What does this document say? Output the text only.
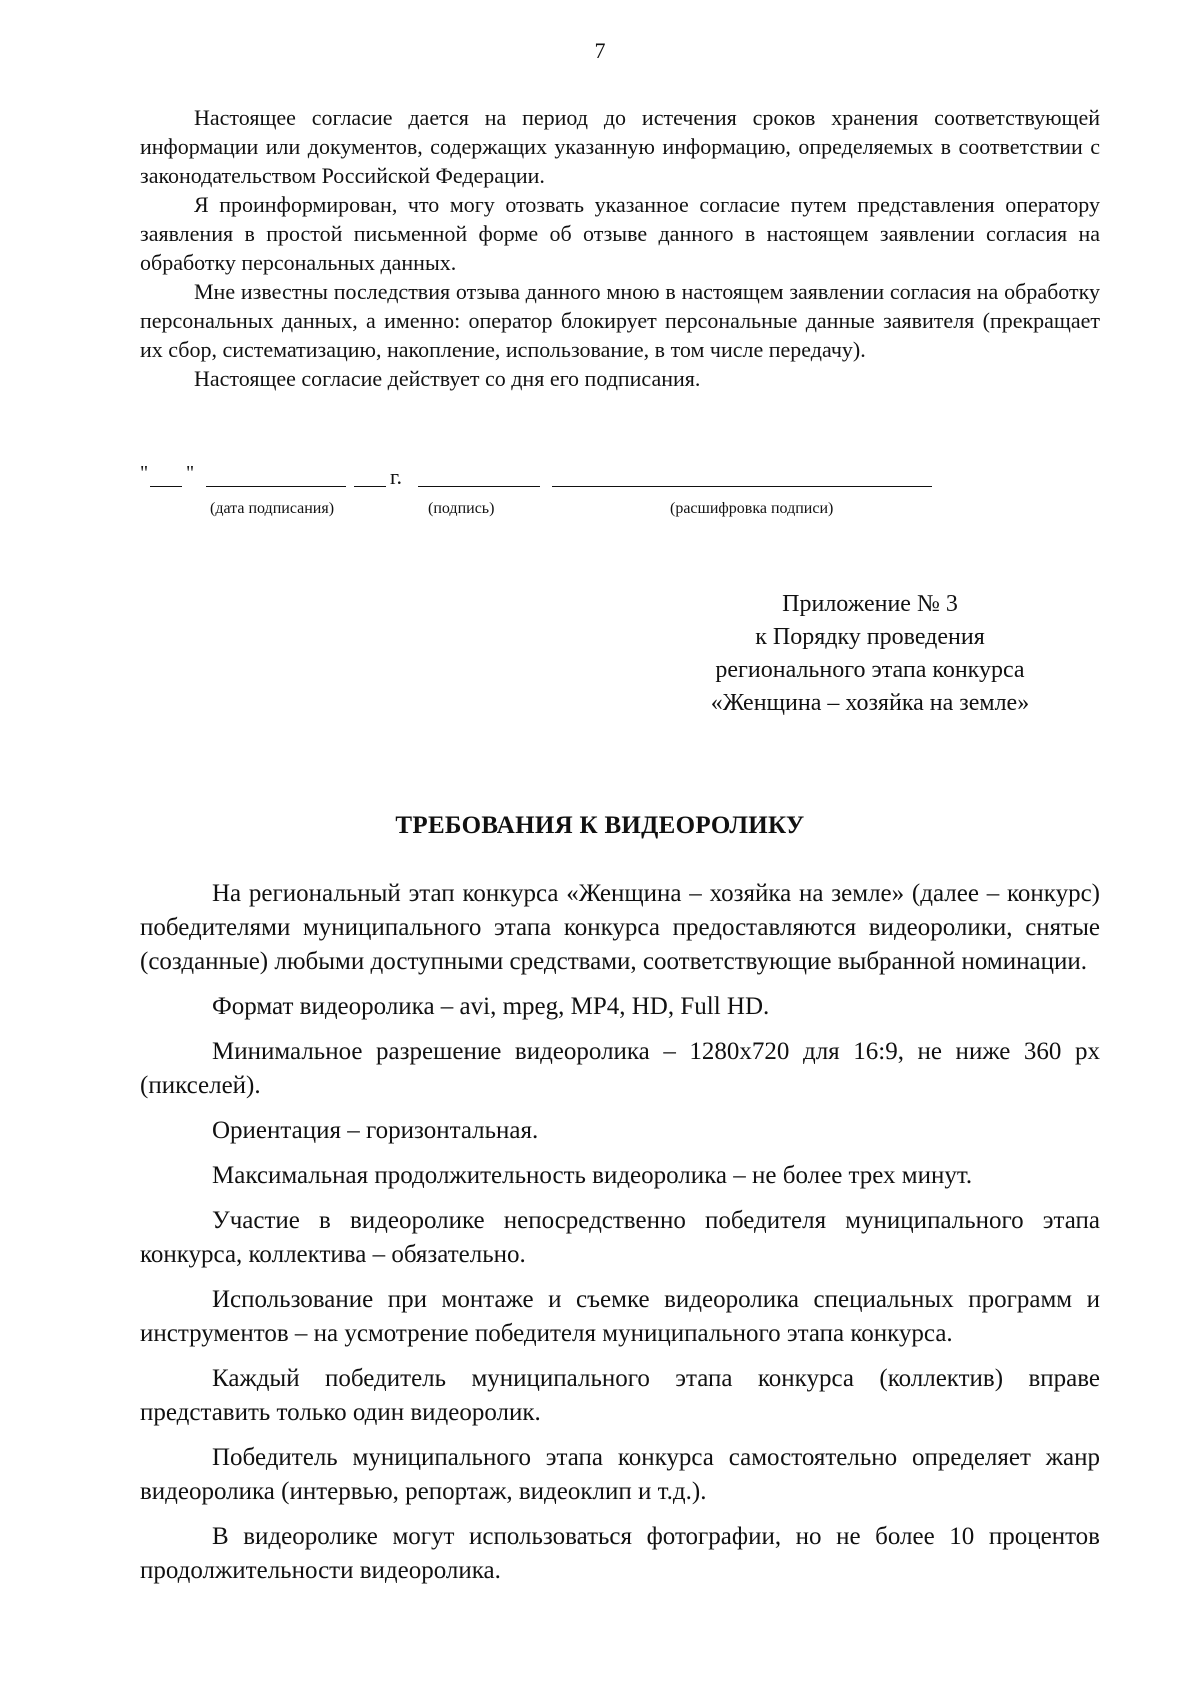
7

Настоящее согласие дается на период до истечения сроков хранения соответствующей информации или документов, содержащих указанную информацию, определяемых в соответствии с законодательством Российской Федерации.

Я проинформирован, что могу отозвать указанное согласие путем представления оператору заявления в простой письменной форме об отзыве данного в настоящем заявлении согласия на обработку персональных данных.

Мне известны последствия отзыва данного мною в настоящем заявлении согласия на обработку персональных данных, а именно: оператор блокирует персональные данные заявителя (прекращает их сбор, систематизацию, накопление, использование, в том числе передачу).

Настоящее согласие действует со дня его подписания.

" "	г.
(дата подписания)	(подпись)	(расшифровка подписи)
Приложение № 3
к Порядку проведения
регионального этапа конкурса
«Женщина – хозяйка на земле»
ТРЕБОВАНИЯ К ВИДЕОРОЛИКУ

На региональный этап конкурса «Женщина – хозяйка на земле» (далее – конкурс) победителями муниципального этапа конкурса предоставляются видеоролики, снятые (созданные) любыми доступными средствами, соответствующие выбранной номинации.

Формат видеоролика – avi, mpeg, MP4, HD, Full HD.

Минимальное разрешение видеоролика – 1280x720 для 16:9, не ниже 360 px (пикселей).

Ориентация – горизонтальная.

Максимальная продолжительность видеоролика – не более трех минут.

Участие в видеоролике непосредственно победителя муниципального этапа конкурса, коллектива – обязательно.

Использование при монтаже и съемке видеоролика специальных программ и инструментов – на усмотрение победителя муниципального этапа конкурса.

Каждый победитель муниципального этапа конкурса (коллектив) вправе представить только один видеоролик.

Победитель муниципального этапа конкурса самостоятельно определяет жанр видеоролика (интервью, репортаж, видеоклип и т.д.).

В видеоролике могут использоваться фотографии, но не более 10 процентов продолжительности видеоролика.
